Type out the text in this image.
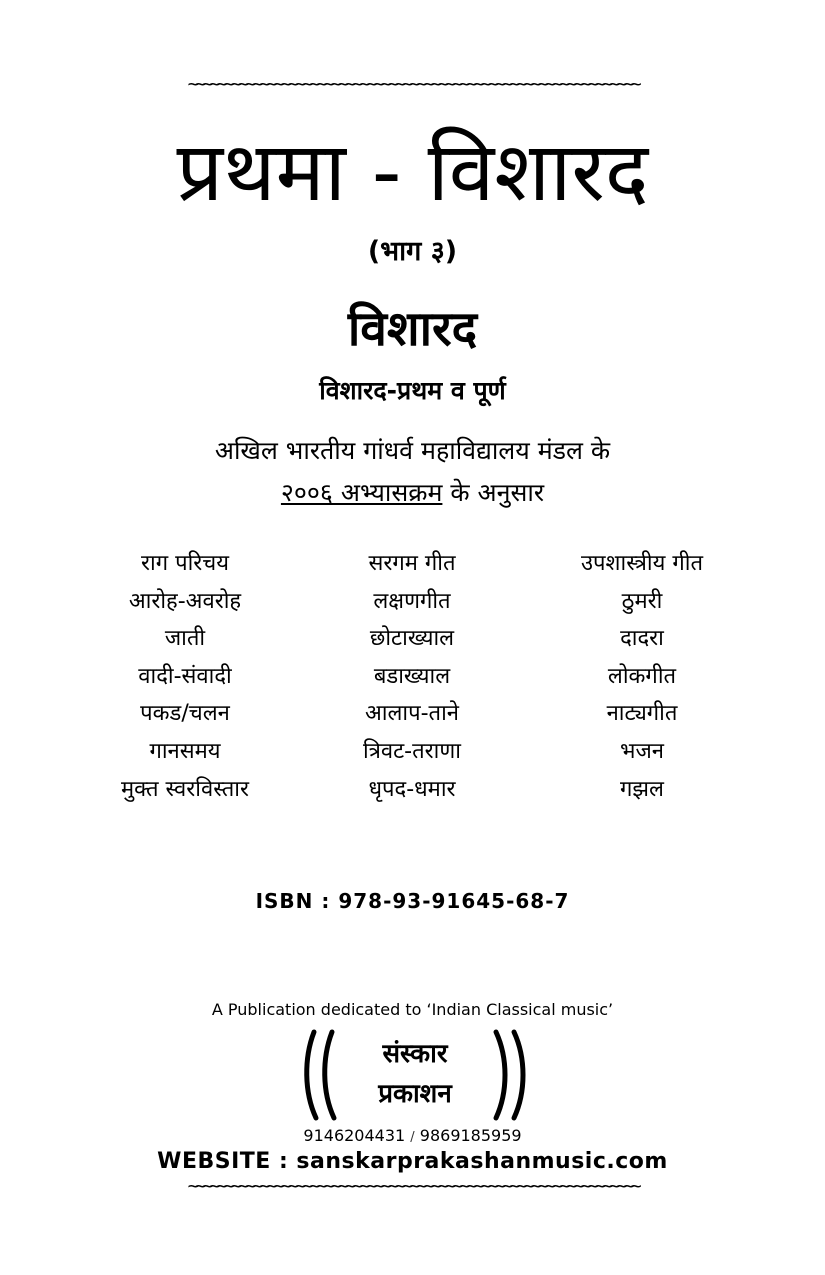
~~~~~~~~~~~~~~~~~~~~~~~~~~~~~~~~~~~~~~~~~~~~~~~~~~~~~~~~~~~~~~~
प्रथमा - विशारद
(भाग ३)
विशारद
विशारद-प्रथम व पूर्ण
अखिल भारतीय गांधर्व महाविद्यालय मंडल के
२००६ अभ्यासक्रम के अनुसार
राग परिचय
आरोह-अवरोह
जाती
वादी-संवादी
पकड/चलन
गानसमय
मुक्त स्वरविस्तार
सरगम गीत
लक्षणगीत
छोटाख्याल
बडाख्याल
आलाप-ताने
त्रिवट-तराणा
धृपद-धमार
उपशास्त्रीय गीत
ठुमरी
दादरा
लोकगीत
नाट्यगीत
भजन
गझल
ISBN : 978-93-91645-68-7
A Publication dedicated to ‘Indian Classical music’
संस्कार
प्रकाशन
9146204431 / 9869185959
WEBSITE : sanskarprakashanmusic.com
~~~~~~~~~~~~~~~~~~~~~~~~~~~~~~~~~~~~~~~~~~~~~~~~~~~~~~~~~~~~~~~
